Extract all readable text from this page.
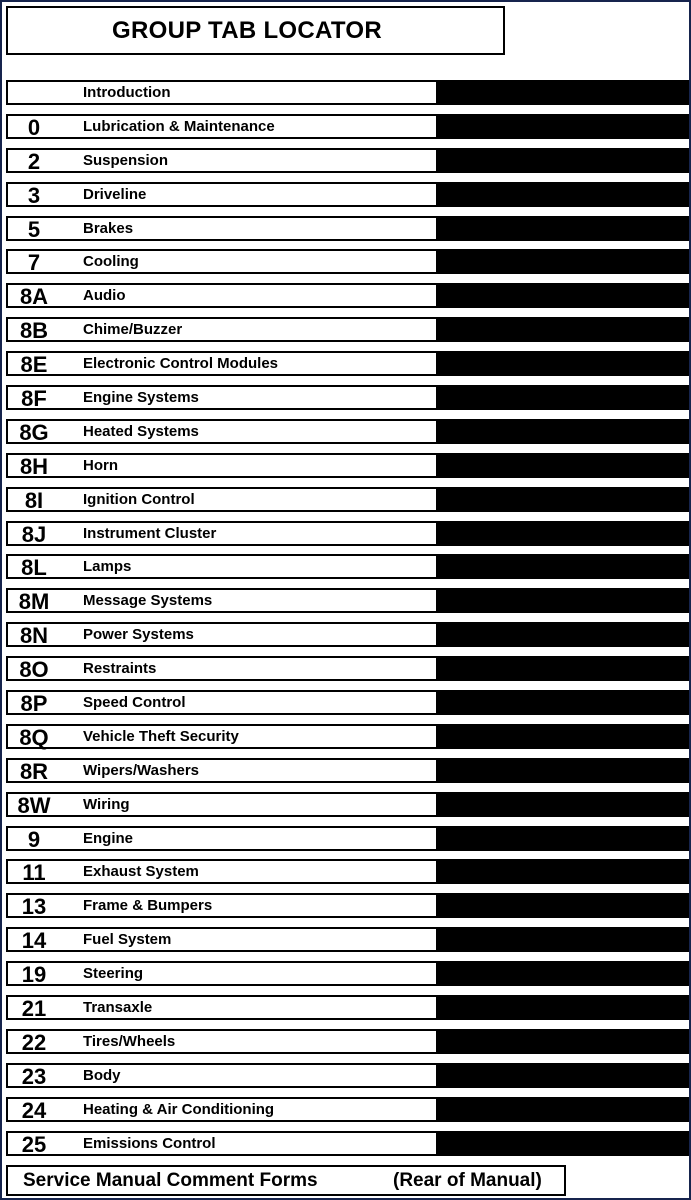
GROUP TAB LOCATOR
Introduction
0	Lubrication & Maintenance
2	Suspension
3	Driveline
5	Brakes
7	Cooling
8A	Audio
8B	Chime/Buzzer
8E	Electronic Control Modules
8F	Engine Systems
8G	Heated Systems
8H	Horn
8I	Ignition Control
8J	Instrument Cluster
8L	Lamps
8M	Message Systems
8N	Power Systems
8O	Restraints
8P	Speed Control
8Q	Vehicle Theft Security
8R	Wipers/Washers
8W	Wiring
9	Engine
11	Exhaust System
13	Frame & Bumpers
14	Fuel System
19	Steering
21	Transaxle
22	Tires/Wheels
23	Body
24	Heating & Air Conditioning
25	Emissions Control
Service Manual Comment Forms	(Rear of Manual)
